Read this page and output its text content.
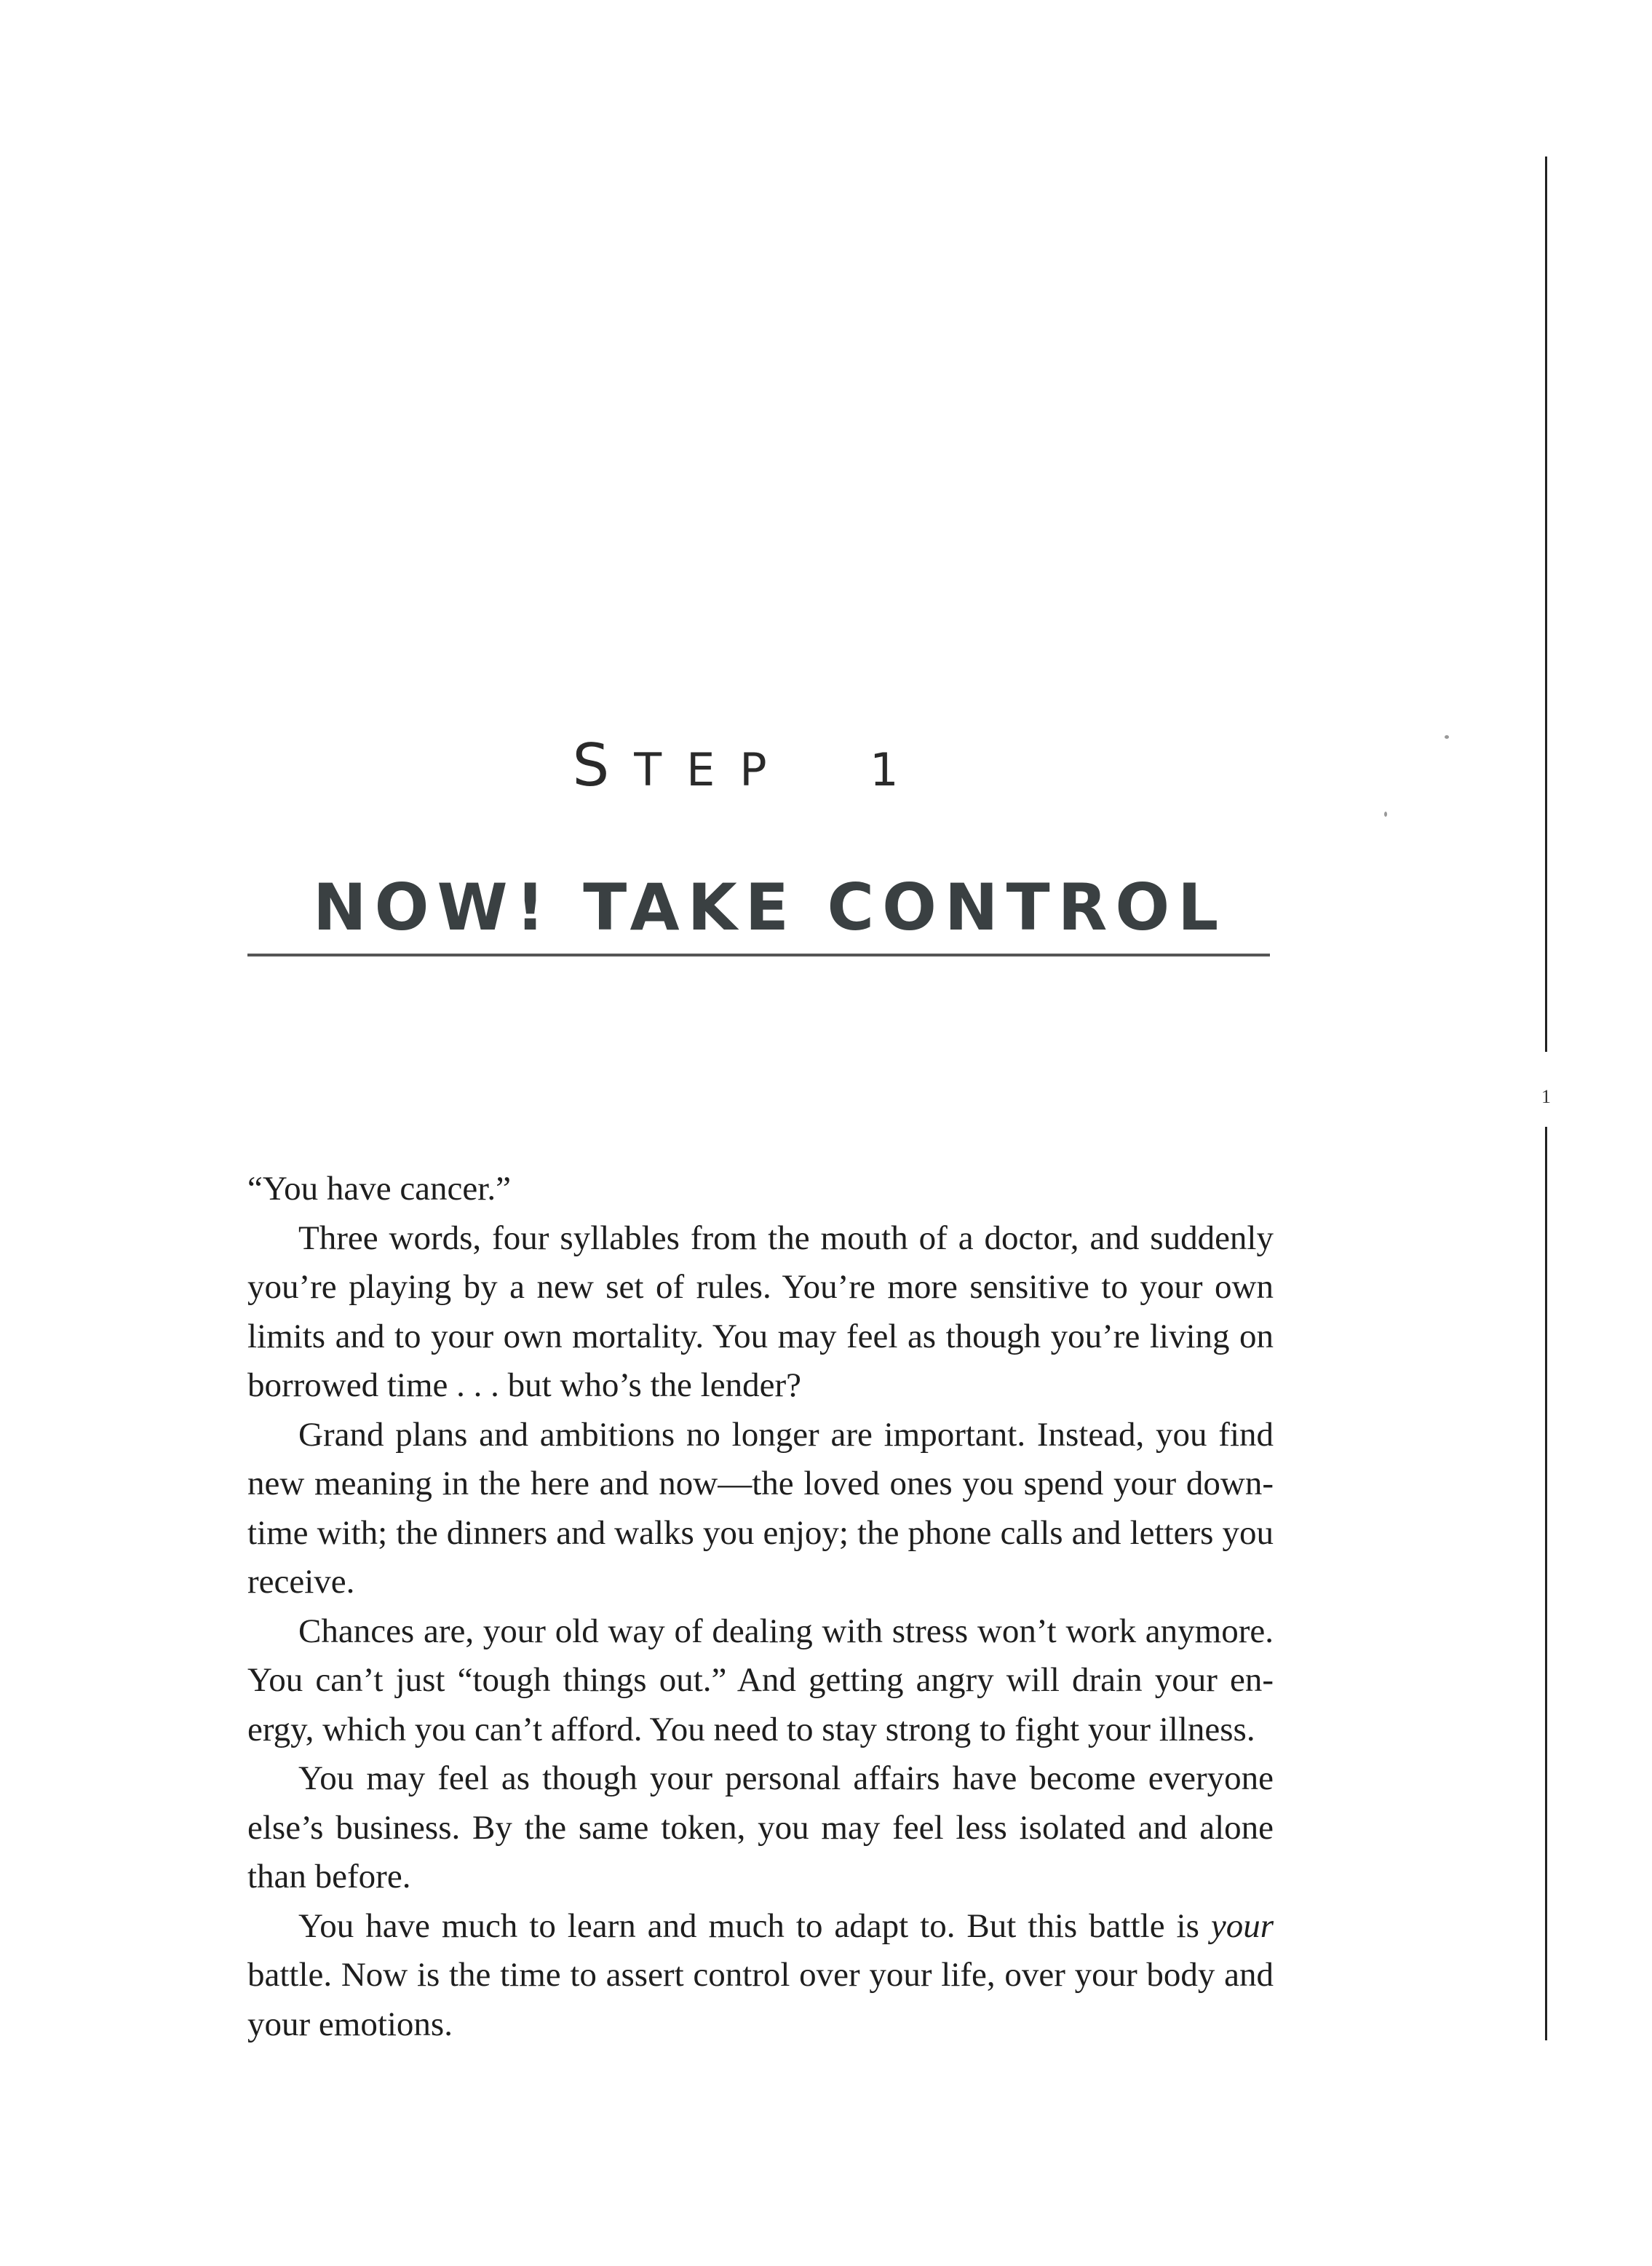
STEP 1
NOW! TAKE CONTROL

“You have cancer.”

Three words, four syllables from the mouth of a doctor, and suddenly you’re playing by a new set of rules. You’re more sensitive to your own limits and to your own mortality. You may feel as though you’re living on borrowed time . . . but who’s the lender?

Grand plans and ambitions no longer are important. Instead, you find new meaning in the here and now—the loved ones you spend your down-time with; the dinners and walks you enjoy; the phone calls and letters you receive.

Chances are, your old way of dealing with stress won’t work anymore. You can’t just “tough things out.” And getting angry will drain your en-ergy, which you can’t afford. You need to stay strong to fight your illness.

You may feel as though your personal affairs have become everyone else’s business. By the same token, you may feel less isolated and alone than before.

You have much to learn and much to adapt to. But this battle is your battle. Now is the time to assert control over your life, over your body and your emotions.

1
